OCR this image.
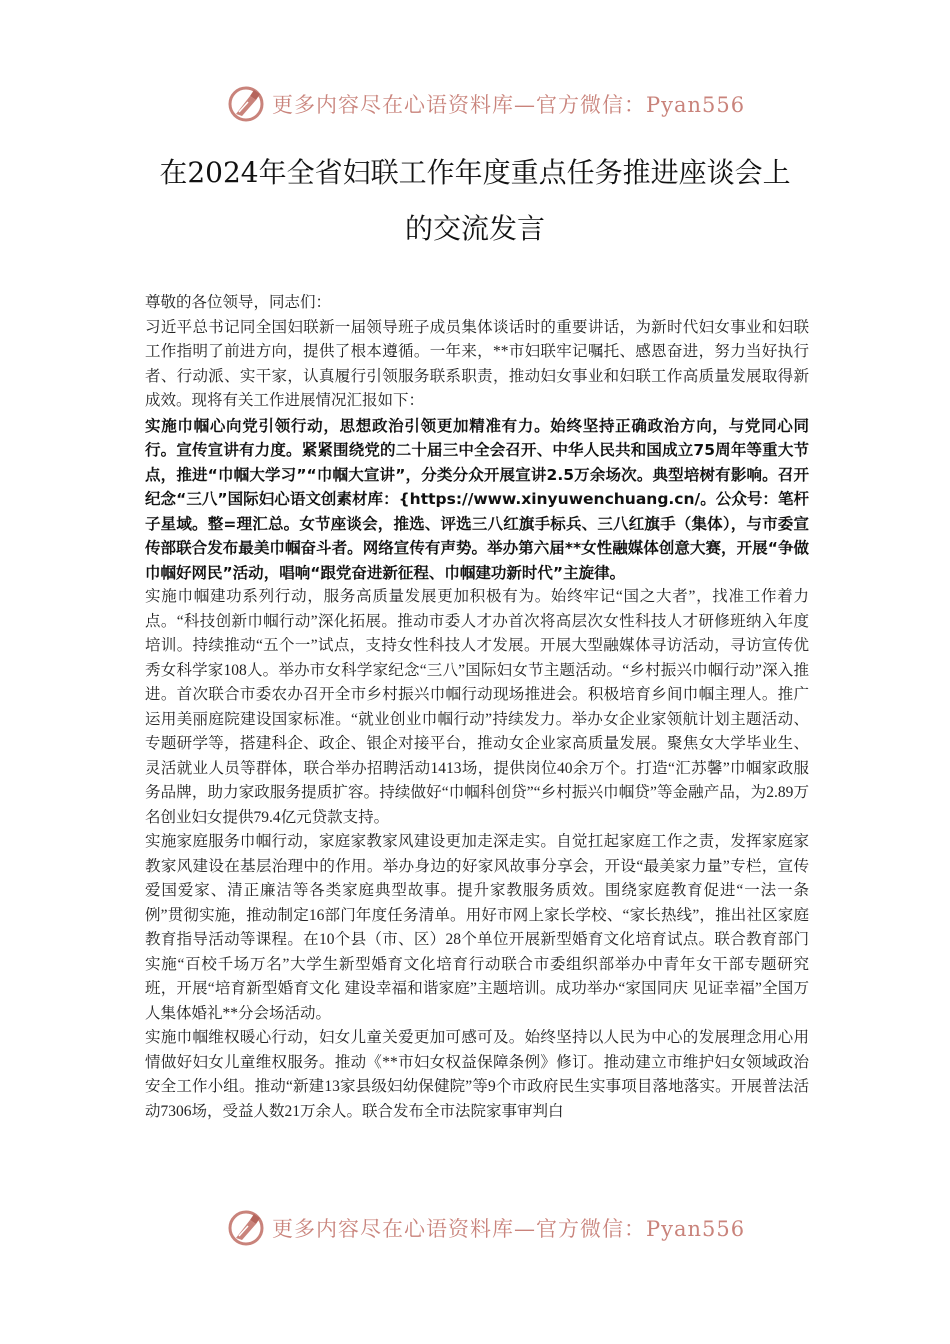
更多内容尽在心语资料库—官方微信：Pyan556
在2024年全省妇联工作年度重点任务推进座谈会上
的交流发言

尊敬的各位领导，同志们：

习近平总书记同全国妇联新一届领导班子成员集体谈话时的重要讲话，为新时代妇女事业和妇联工作指明了前进方向，提供了根本遵循。一年来，**市妇联牢记嘱托、感恩奋进，努力当好执行者、行动派、实干家，认真履行引领服务联系职责，推动妇女事业和妇联工作高质量发展取得新成效。现将有关工作进展情况汇报如下：

实施巾帼心向党引领行动，思想政治引领更加精准有力。始终坚持正确政治方向，与党同心同行。宣传宣讲有力度。紧紧围绕党的二十届三中全会召开、中华人民共和国成立75周年等重大节点，推进“巾帼大学习”“巾帼大宣讲”，分类分众开展宣讲2.5万余场次。典型培树有影响。召开纪念“三八”国际妇心语文创素材库：{https://www.xinyuwenchuang.cn/。公众号：笔杆子星域。整=理汇总。女节座谈会，推选、评选三八红旗手标兵、三八红旗手（集体），与市委宣传部联合发布最美巾帼奋斗者。网络宣传有声势。举办第六届**女性融媒体创意大赛，开展“争做巾帼好网民”活动，唱响“跟党奋进新征程、巾帼建功新时代”主旋律。

实施巾帼建功系列行动，服务高质量发展更加积极有为。始终牢记“国之大者”，找准工作着力点。“科技创新巾帼行动”深化拓展。推动市委人才办首次将高层次女性科技人才研修班纳入年度培训。持续推动“五个一”试点，支持女性科技人才发展。开展大型融媒体寻访活动，寻访宣传优秀女科学家108人。举办市女科学家纪念“三八”国际妇女节主题活动。“乡村振兴巾帼行动”深入推进。首次联合市委农办召开全市乡村振兴巾帼行动现场推进会。积极培育乡间巾帼主理人。推广运用美丽庭院建设国家标准。“就业创业巾帼行动”持续发力。举办女企业家领航计划主题活动、专题研学等，搭建科企、政企、银企对接平台，推动女企业家高质量发展。聚焦女大学毕业生、灵活就业人员等群体，联合举办招聘活动1413场，提供岗位40余万个。打造“汇苏馨”巾帼家政服务品牌，助力家政服务提质扩容。持续做好“巾帼科创贷”“乡村振兴巾帼贷”等金融产品，为2.89万名创业妇女提供79.4亿元贷款支持。

实施家庭服务巾帼行动，家庭家教家风建设更加走深走实。自觉扛起家庭工作之责，发挥家庭家教家风建设在基层治理中的作用。举办身边的好家风故事分享会，开设“最美家力量”专栏，宣传爱国爱家、清正廉洁等各类家庭典型故事。提升家教服务质效。围绕家庭教育促进“一法一条例”贯彻实施，推动制定16部门年度任务清单。用好市网上家长学校、“家长热线”，推出社区家庭教育指导活动等课程。在10个县（市、区）28个单位开展新型婚育文化培育试点。联合教育部门实施“百校千场万名”大学生新型婚育文化培育行动联合市委组织部举办中青年女干部专题研究班，开展“培育新型婚育文化 建设幸福和谐家庭”主题培训。成功举办“家国同庆 见证幸福”全国万人集体婚礼**分会场活动。

实施巾帼维权暖心行动，妇女儿童关爱更加可感可及。始终坚持以人民为中心的发展理念用心用情做好妇女儿童维权服务。推动《**市妇女权益保障条例》修订。推动建立市维护妇女领域政治安全工作小组。推动“新建13家县级妇幼保健院”等9个市政府民生实事项目落地落实。开展普法活动7306场，受益人数21万余人。联合发布全市法院家事审判白

更多内容尽在心语资料库—官方微信：Pyan556
